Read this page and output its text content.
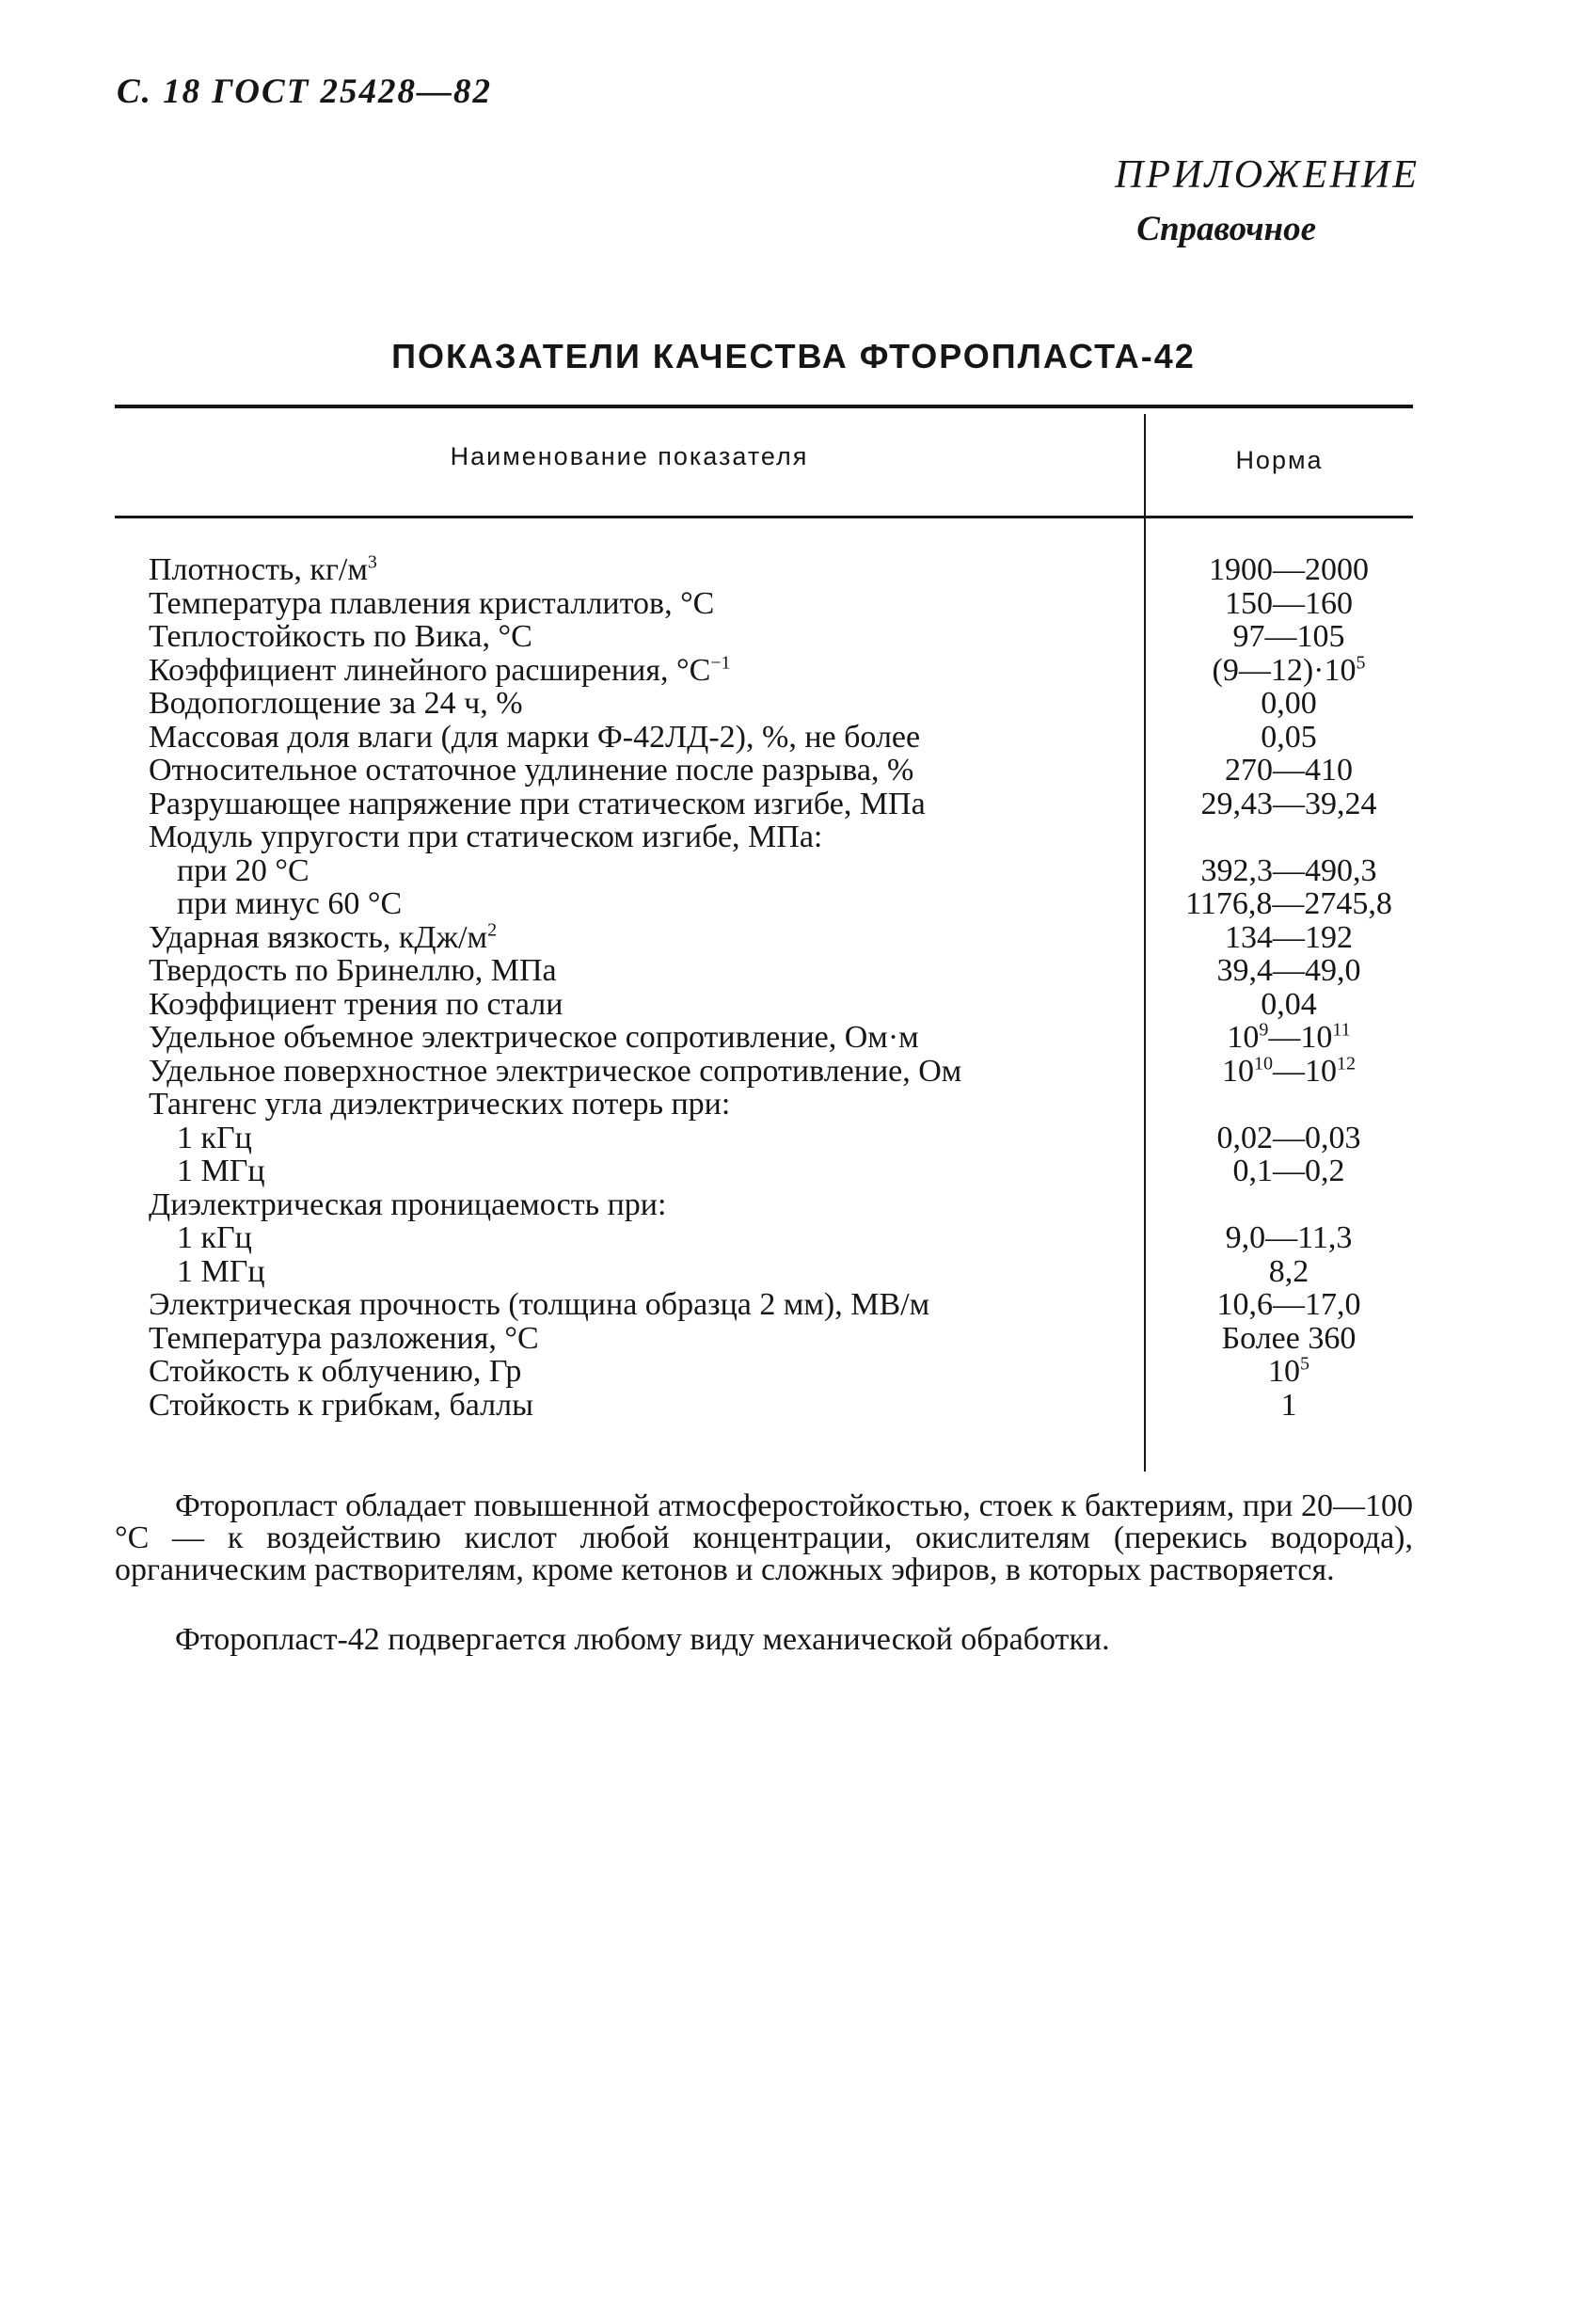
С. 18 ГОСТ 25428—82
ПРИЛОЖЕНИЕ
Справочное
ПОКАЗАТЕЛИ КАЧЕСТВА ФТОРОПЛАСТА-42
Наименование показателя	Норма
Плотность, $кг/м^3$	1900—2000
Температура плавления кристаллитов, °С	150—160
Теплостойкость по Вика, °С	97—105
Коэффициент линейного расширения, $^\circ С^{-1}$	$(9—12)\cdot 10^5$
Водопоглощение за 24 ч, %	0,00
Массовая доля влаги (для марки Ф-42ЛД-2), %, не более	0,05
Относительное остаточное удлинение после разрыва, %	270—410
Разрушающее напряжение при статическом изгибе, МПа	29,43—39,24
Модуль упругости при статическом изгибе, МПа:
при 20 °С	392,3—490,3
при минус 60 °С	1176,8—2745,8
Ударная вязкость, кДж/$м^2$	134—192
Твердость по Бринеллю, МПа	39,4—49,0
Коэффициент трения по стали	0,04
Удельное объемное электрическое сопротивление, Ом·м	$10^9—10^{11}$
Удельное поверхностное электрическое сопротивление, Ом	$10^{10}—10^{12}$
Тангенс угла диэлектрических потерь при:
1 кГц	0,02—0,03
1 МГц	0,1—0,2
Диэлектрическая проницаемость при:
1 кГц	9,0—11,3
1 МГц	8,2
Электрическая прочность (толщина образца 2 мм), МВ/м	10,6—17,0
Температура разложения, °С	Более 360
Стойкость к облучению, Гр	$10^5$
Стойкость к грибкам, баллы	1
Фторопласт обладает повышенной атмосферостойкостью, стоек к бактериям, при 20—100 °С — к воздействию кислот любой концентрации, окислителям (перекись водорода), органическим растворителям, кроме кетонов и сложных эфиров, в которых растворяется.
Фторопласт-42 подвергается любому виду механической обработки.
